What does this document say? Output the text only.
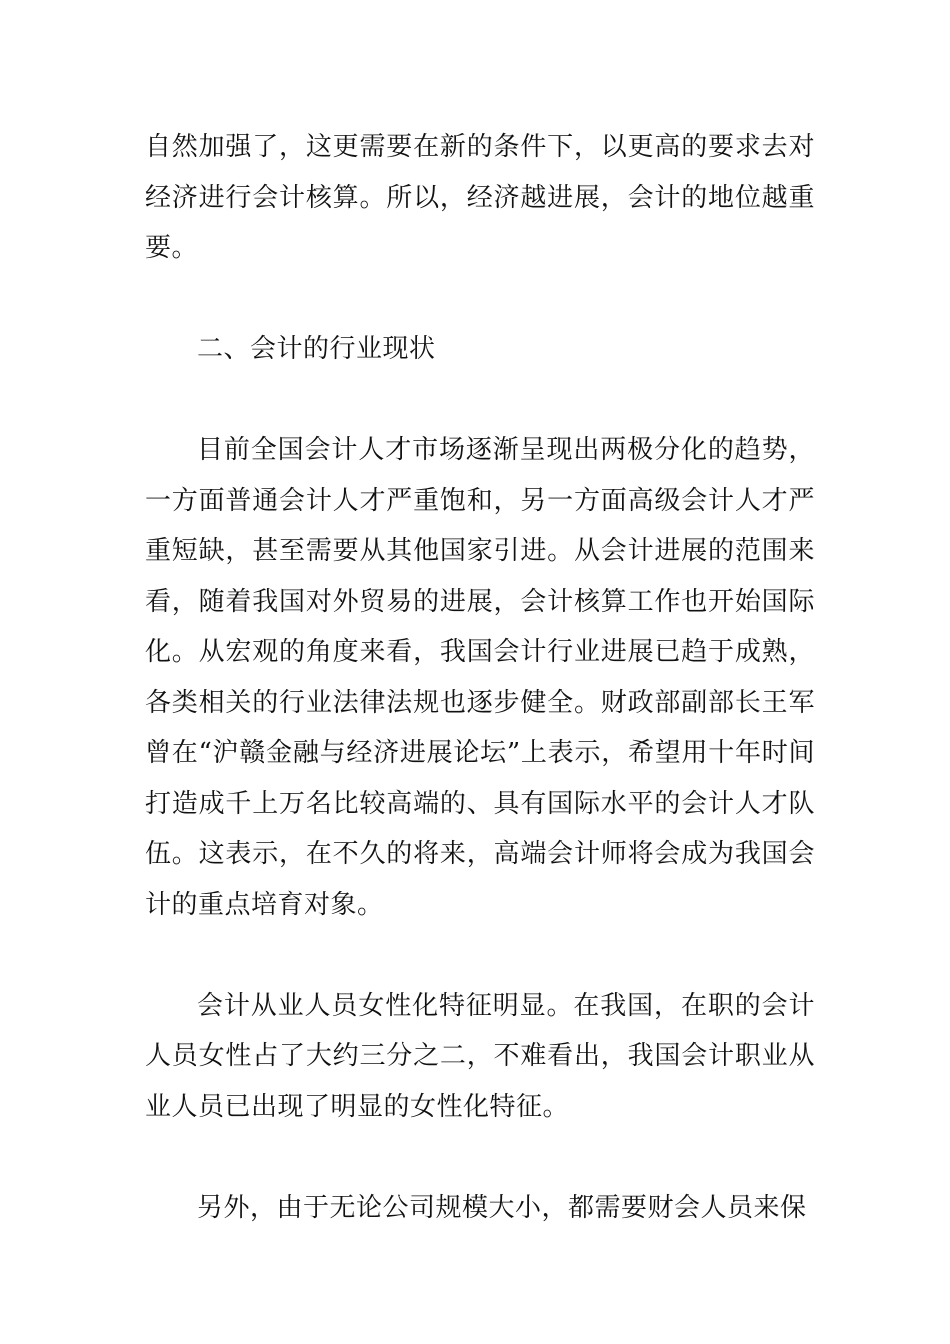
自然加强了，这更需要在新的条件下，以更高的要求去对经济进行会计核算。所以，经济越进展，会计的地位越重要。

二、会计的行业现状

目前全国会计人才市场逐渐呈现出两极分化的趋势，一方面普通会计人才严重饱和，另一方面高级会计人才严重短缺，甚至需要从其他国家引进。从会计进展的范围来看，随着我国对外贸易的进展，会计核算工作也开始国际化。从宏观的角度来看，我国会计行业进展已趋于成熟，各类相关的行业法律法规也逐步健全。财政部副部长王军曾在“沪赣金融与经济进展论坛”上表示，希望用十年时间打造成千上万名比较高端的、具有国际水平的会计人才队伍。这表示，在不久的将来，高端会计师将会成为我国会计的重点培育对象。

会计从业人员女性化特征明显。在我国，在职的会计人员女性占了大约三分之二，不难看出，我国会计职业从业人员已出现了明显的女性化特征。

另外，由于无论公司规模大小，都需要财会人员来保
